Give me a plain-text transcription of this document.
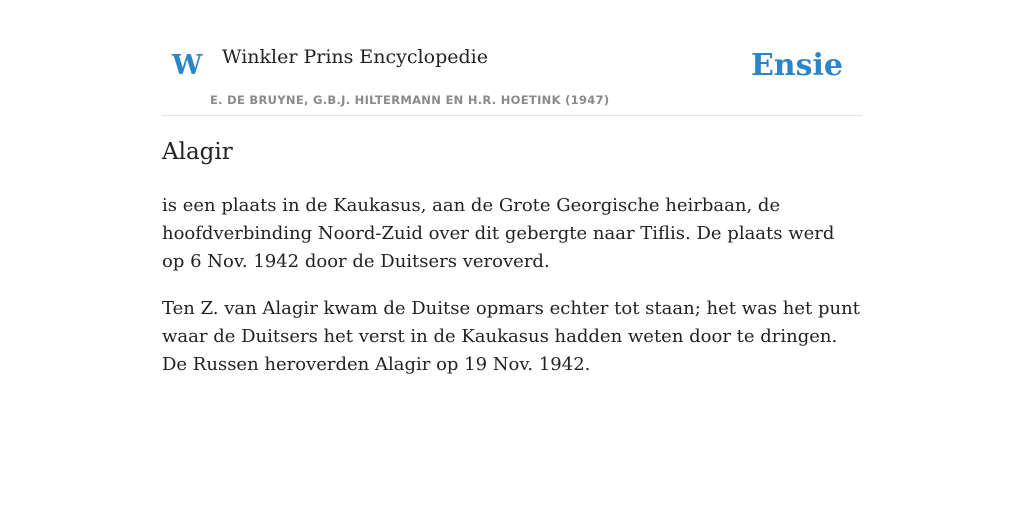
W Winkler Prins Encyclopedie
E. DE BRUYNE, G.B.J. HILTERMANN EN H.R. HOETINK (1947)
Ensie
Alagir

is een plaats in de Kaukasus, aan de Grote Georgische heirbaan, de hoofdverbinding Noord-Zuid over dit gebergte naar Tiflis. De plaats werd op 6 Nov. 1942 door de Duitsers veroverd.

Ten Z. van Alagir kwam de Duitse opmars echter tot staan; het was het punt waar de Duitsers het verst in de Kaukasus hadden weten door te dringen. De Russen heroverden Alagir op 19 Nov. 1942.
